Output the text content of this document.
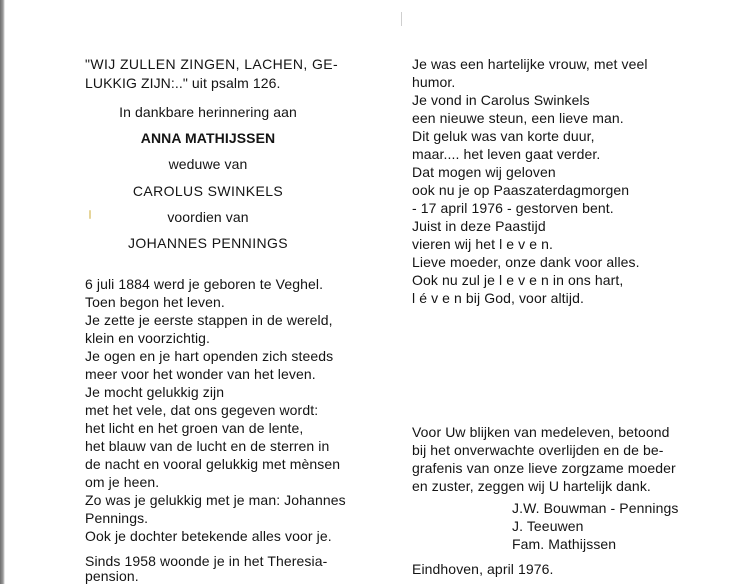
"WIJ ZULLEN ZINGEN, LACHEN, GE-
LUKKIG ZIJN:.." uit psalm 126.
In dankbare herinnering aan
ANNA MATHIJSSEN
weduwe van
CAROLUS SWINKELS
voordien van
JOHANNES PENNINGS
6 juli 1884 werd je geboren te Veghel.
Toen begon het leven.
Je zette je eerste stappen in de wereld,
klein en voorzichtig.
Je ogen en je hart openden zich steeds
meer voor het wonder van het leven.
Je mocht gelukkig zijn
met het vele, dat ons gegeven wordt:
het licht en het groen van de lente,
het blauw van de lucht en de sterren in
de nacht en vooral gelukkig met mènsen
om je heen.
Zo was je gelukkig met je man: Johannes
Pennings.
Ook je dochter betekende alles voor je.
Sinds 1958 woonde je in het Theresia-
pension.
Je was een hartelijke vrouw, met veel
humor.
Je vond in Carolus Swinkels
een nieuwe steun, een lieve man.
Dit geluk was van korte duur,
maar.... het leven gaat verder.
Dat mogen wij geloven
ook nu je op Paaszaterdagmorgen
- 17 april 1976 - gestorven bent.
Juist in deze Paastijd
vieren wij het l e v e n.
Lieve moeder, onze dank voor alles.
Ook nu zul je l e v e n in ons hart,
l é v e n bij God, voor altijd.
Voor Uw blijken van medeleven, betoond
bij het onverwachte overlijden en de be-
grafenis van onze lieve zorgzame moeder
en zuster, zeggen wij U hartelijk dank.
J.W. Bouwman - Pennings
J. Teeuwen
Fam. Mathijssen
Eindhoven, april 1976.
